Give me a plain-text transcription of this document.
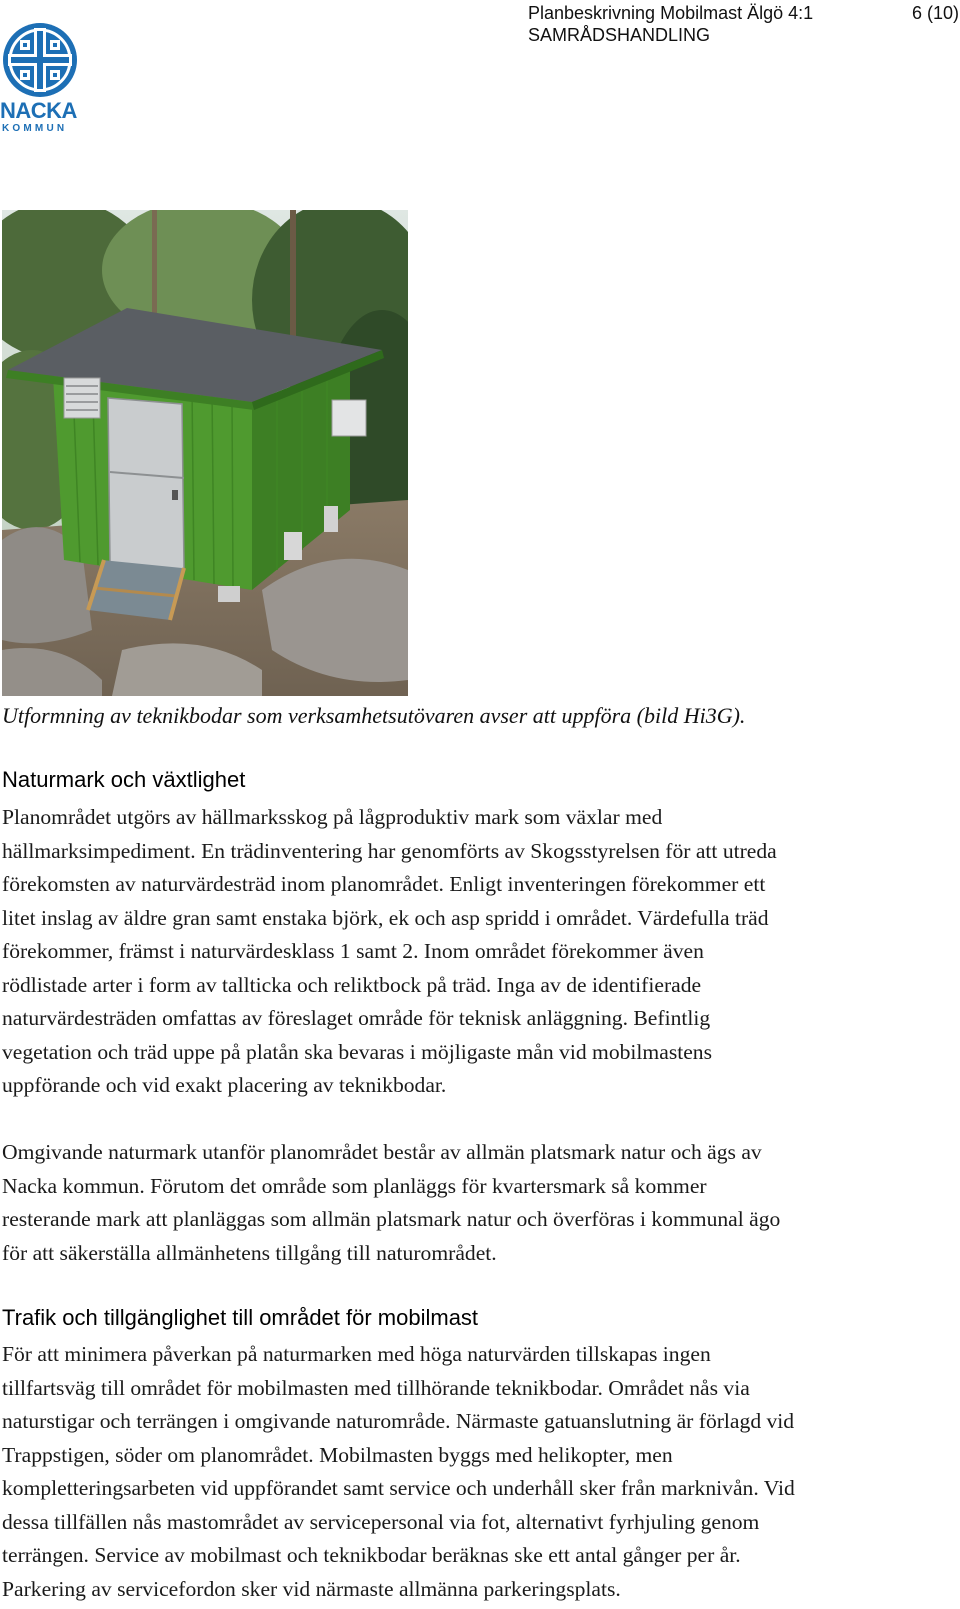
NACKA
KOMMUN
Planbeskrivning Mobilmast Älgö 4:1
SAMRÅDSHANDLING
6 (10)
Utformning av teknikbodar som verksamhetsutövaren avser att uppföra (bild Hi3G).
Naturmark och växtlighet

Planområdet utgörs av hällmarksskog på lågproduktiv mark som växlar med
hällmarksimpediment. En trädinventering har genomförts av Skogsstyrelsen för att utreda
förekomsten av naturvärdesträd inom planområdet. Enligt inventeringen förekommer ett
litet inslag av äldre gran samt enstaka björk, ek och asp spridd i området. Värdefulla träd
förekommer, främst i naturvärdesklass 1 samt 2. Inom området förekommer även
rödlistade arter i form av tallticka och reliktbock på träd. Inga av de identifierade
naturvärdesträden omfattas av föreslaget område för teknisk anläggning. Befintlig
vegetation och träd uppe på platån ska bevaras i möjligaste mån vid mobilmastens
uppförande och vid exakt placering av teknikbodar.

Omgivande naturmark utanför planområdet består av allmän platsmark natur och ägs av
Nacka kommun. Förutom det område som planläggs för kvartersmark så kommer
resterande mark att planläggas som allmän platsmark natur och överföras i kommunal ägo
för att säkerställa allmänhetens tillgång till naturområdet.

Trafik och tillgänglighet till området för mobilmast

För att minimera påverkan på naturmarken med höga naturvärden tillskapas ingen
tillfartsväg till området för mobilmasten med tillhörande teknikbodar. Området nås via
naturstigar och terrängen i omgivande naturområde. Närmaste gatuanslutning är förlagd vid
Trappstigen, söder om planområdet. Mobilmasten byggs med helikopter, men
kompletteringsarbeten vid uppförandet samt service och underhåll sker från marknivån. Vid
dessa tillfällen nås mastområdet av servicepersonal via fot, alternativt fyrhjuling genom
terrängen. Service av mobilmast och teknikbodar beräknas ske ett antal gånger per år.
Parkering av servicefordon sker vid närmaste allmänna parkeringsplats.
